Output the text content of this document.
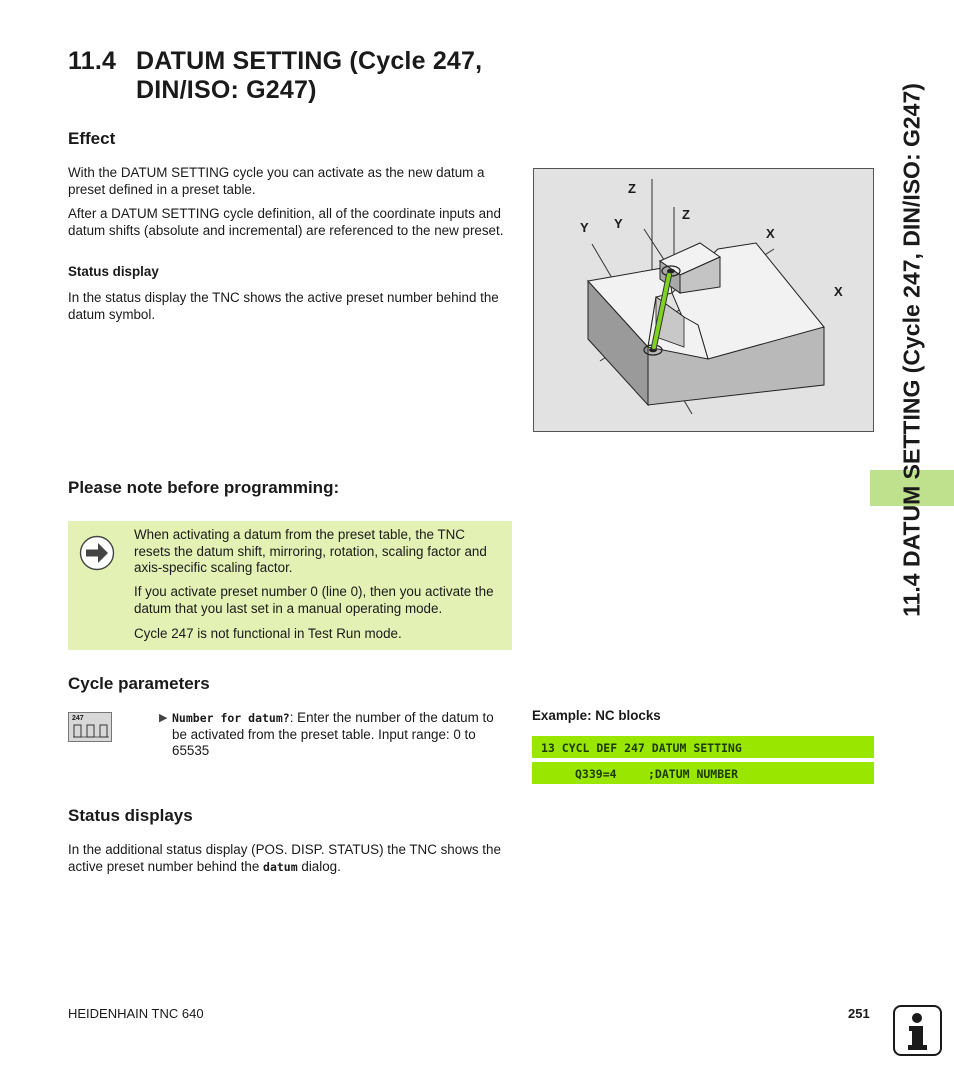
11.4 DATUM SETTING (Cycle 247,
DIN/ISO: G247)	11.4 DATUM SETTING (Cycle 247, DIN/ISO: G247)
Effect

With the DATUM SETTING cycle you can activate as the new datum a preset defined in a preset table.

After a DATUM SETTING cycle definition, all of the coordinate inputs and datum shifts (absolute and incremental) are referenced to the new preset.

Status display

In the status display the TNC shows the active preset number behind the datum symbol.

Z
Y Y
Z
X
X
Please note before programming:

When activating a datum from the preset table, the TNC resets the datum shift, mirroring, rotation, scaling factor and axis-specific scaling factor.

If you activate preset number 0 (line 0), then you activate the datum that you last set in a manual operating mode.

Cycle 247 is not functional in Test Run mode.

Cycle parameters
247	▶ Number for datum?: Enter the number of the datum to be activated from the preset table. Input range: 0 to 65535

Example: NC blocks

13 CYCL DEF 247 DATUM SETTING
Q339=4	;DATUM NUMBER
Status displays

In the additional status display (POS. DISP. STATUS) the TNC shows the active preset number behind the datum dialog.

HEIDENHAIN TNC 640	251
